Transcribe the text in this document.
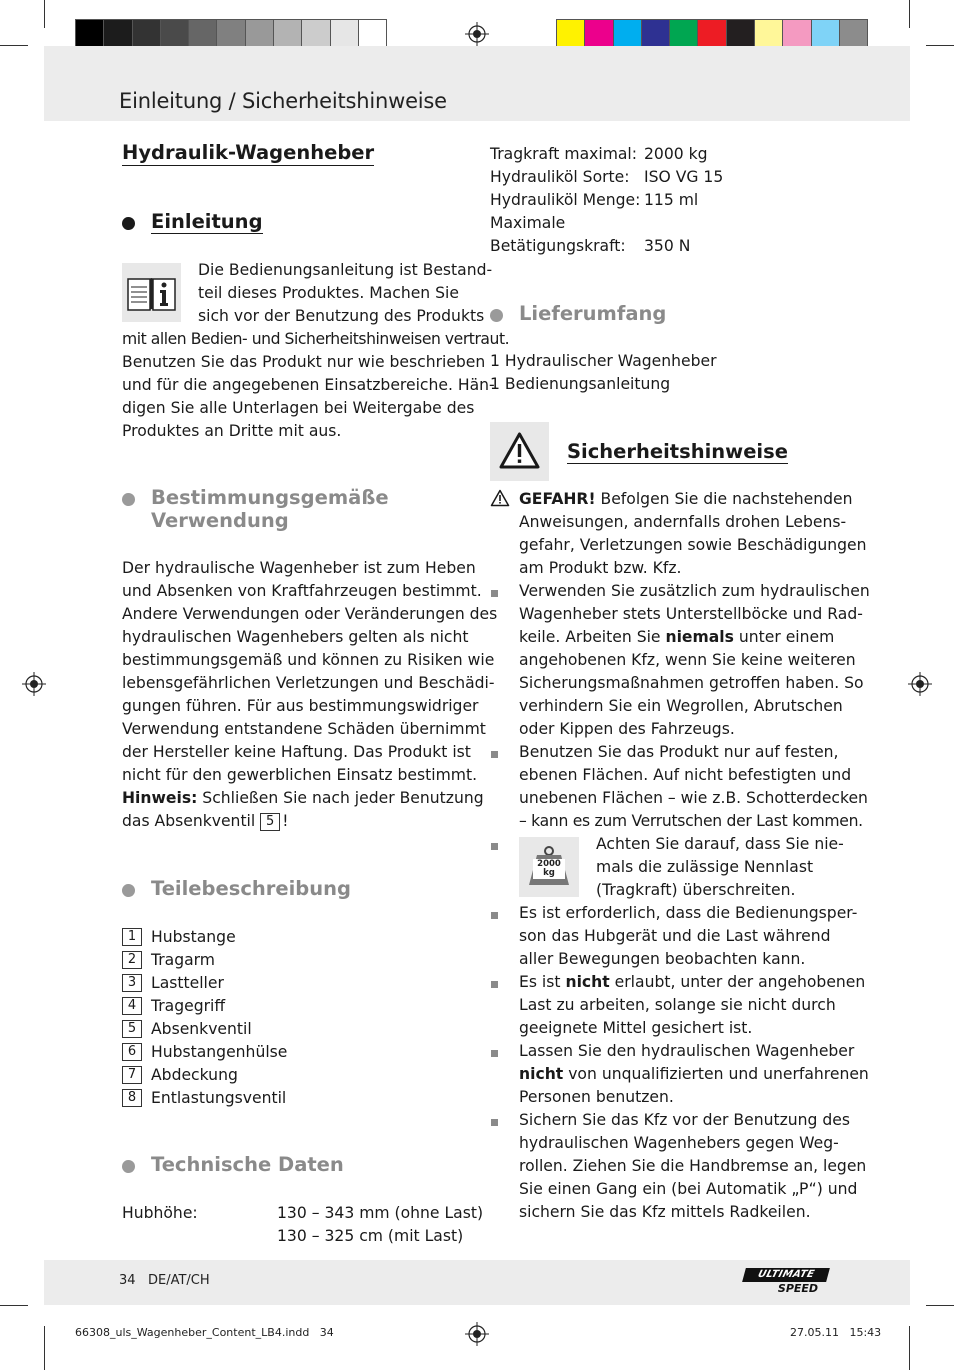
Einleitung / Sicherheitshinweise
Hydraulik-Wagenheber
Einleitung
Die Bedienungsanleitung ist Bestand-
teil dieses Produktes. Machen Sie
sich vor der Benutzung des Produkts
mit allen Bedien- und Sicherheitshinweisen vertraut.
Benutzen Sie das Produkt nur wie beschrieben
und für die angegebenen Einsatzbereiche. Hän-
digen Sie alle Unterlagen bei Weitergabe des
Produktes an Dritte mit aus.
Bestimmungsgemäße
Verwendung
Der hydraulische Wagenheber ist zum Heben
und Absenken von Kraftfahrzeugen bestimmt.
Andere Verwendungen oder Veränderungen des
hydraulischen Wagenhebers gelten als nicht
bestimmungsgemäß und können zu Risiken wie
lebensgefährlichen Verletzungen und Beschädi-
gungen führen. Für aus bestimmungswidriger
Verwendung entstandene Schäden übernimmt
der Hersteller keine Haftung. Das Produkt ist
nicht für den gewerblichen Einsatz bestimmt.
Hinweis: Schließen Sie nach jeder Benutzung
das Absenkventil 5 !
Teilebeschreibung
1 Hubstange
2 Tragarm
3 Lastteller
4 Tragegriff
5 Absenkventil
6 Hubstangenhülse
7 Abdeckung
8 Entlastungsventil
Technische Daten
Hubhöhe:	130 – 343 mm (ohne Last)
130 – 325 cm (mit Last)
Tragkraft maximal: 2000 kg
Hydrauliköl Sorte: ISO VG 15
Hydrauliköl Menge: 115 ml
Maximale
Betätigungskraft:	350 N
Lieferumfang
1 Hydraulischer Wagenheber
1 Bedienungsanleitung
Sicherheitshinweise
GEFAHR! Befolgen Sie die nachstehenden
Anweisungen, andernfalls drohen Lebens-
gefahr, Verletzungen sowie Beschädigungen
am Produkt bzw. Kfz.
Verwenden Sie zusätzlich zum hydraulischen
Wagenheber stets Unterstellböcke und Rad-
keile. Arbeiten Sie niemals unter einem
angehobenen Kfz, wenn Sie keine weiteren
Sicherungsmaßnahmen getroffen haben. So
verhindern Sie ein Wegrollen, Abrutschen
oder Kippen des Fahrzeugs.
Benutzen Sie das Produkt nur auf festen,
ebenen Flächen. Auf nicht befestigten und
unebenen Flächen – wie z.B. Schotterdecken
– kann es zum Verrutschen der Last kommen.
2000
kg
Achten Sie darauf, dass Sie nie-
mals die zulässige Nennlast
(Tragkraft) überschreiten.
Es ist erforderlich, dass die Bedienungsper-
son das Hubgerät und die Last während
aller Bewegungen beobachten kann.
Es ist nicht erlaubt, unter der angehobenen
Last zu arbeiten, solange sie nicht durch
geeignete Mittel gesichert ist.
Lassen Sie den hydraulischen Wagenheber
nicht von unqualifizierten und unerfahrenen
Personen benutzen.
Sichern Sie das Kfz vor der Benutzung des
hydraulischen Wagenhebers gegen Weg-
rollen. Ziehen Sie die Handbremse an, legen
Sie einen Gang ein (bei Automatik „P“) und
sichern Sie das Kfz mittels Radkeilen.
34 DE/AT/CH	ULTIMATE
SPEED
66308_uls_Wagenheber_Content_LB4.indd   34	27.05.11   15:43
